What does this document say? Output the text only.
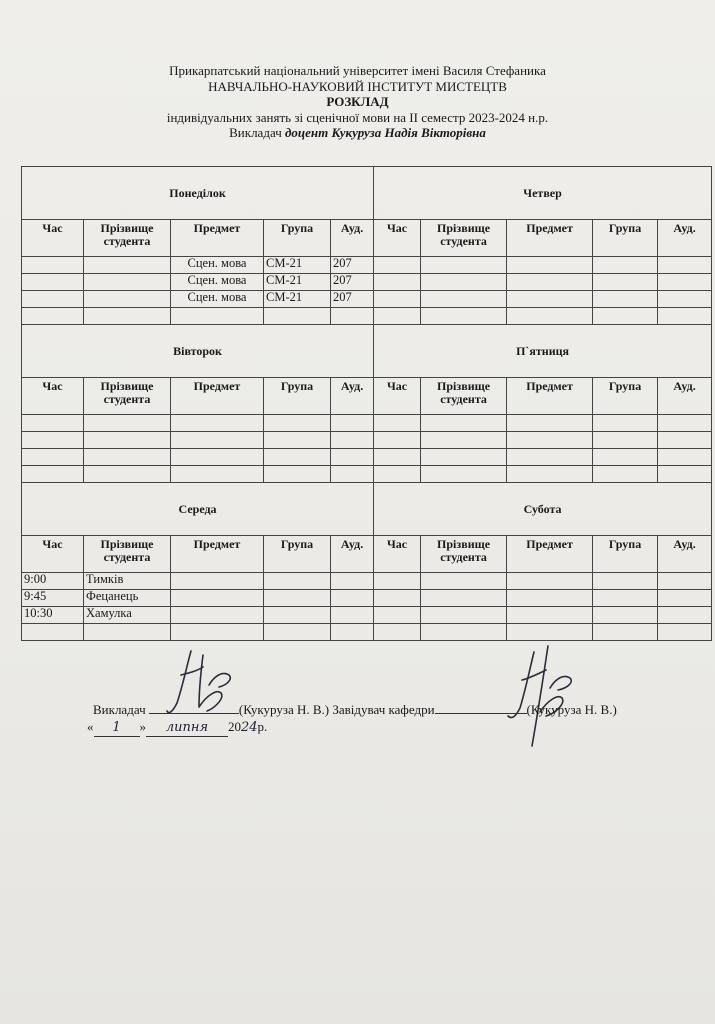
Прикарпатський національний університет імені Василя Стефаника
НАВЧАЛЬНО-НАУКОВИЙ ІНСТИТУТ МИСТЕЦТВ
РОЗКЛАД
індивідуальних занять зі сценічної мови на ІІ семестр 2023-2024 н.р.
Викладач доцент Кукуруза Надія Вікторівна
Понеділок					Четвер				
Час	Прізвище студента	Предмет	Група	Ауд.	Час	Прізвище студента	Предмет	Група	Ауд.
		Сцен. мова	СМ-21	207					
		Сцен. мова	СМ-21	207					
		Сцен. мова	СМ-21	207					

Вівторок					П`ятниця				
Час	Прізвище студента	Предмет	Група	Ауд.	Час	Прізвище студента	Предмет	Група	Ауд.

Середа					Субота				
Час	Прізвище студента	Предмет	Група	Ауд.	Час	Прізвище студента	Предмет	Група	Ауд.
9:00	Тимків								
9:45	Фецанець								
10:30	Хамулка								

Викладач	(Кукуруза Н. В.) Завідувач кафедри	(Кукуруза Н. В.)
« 1 » липня 2024р.
